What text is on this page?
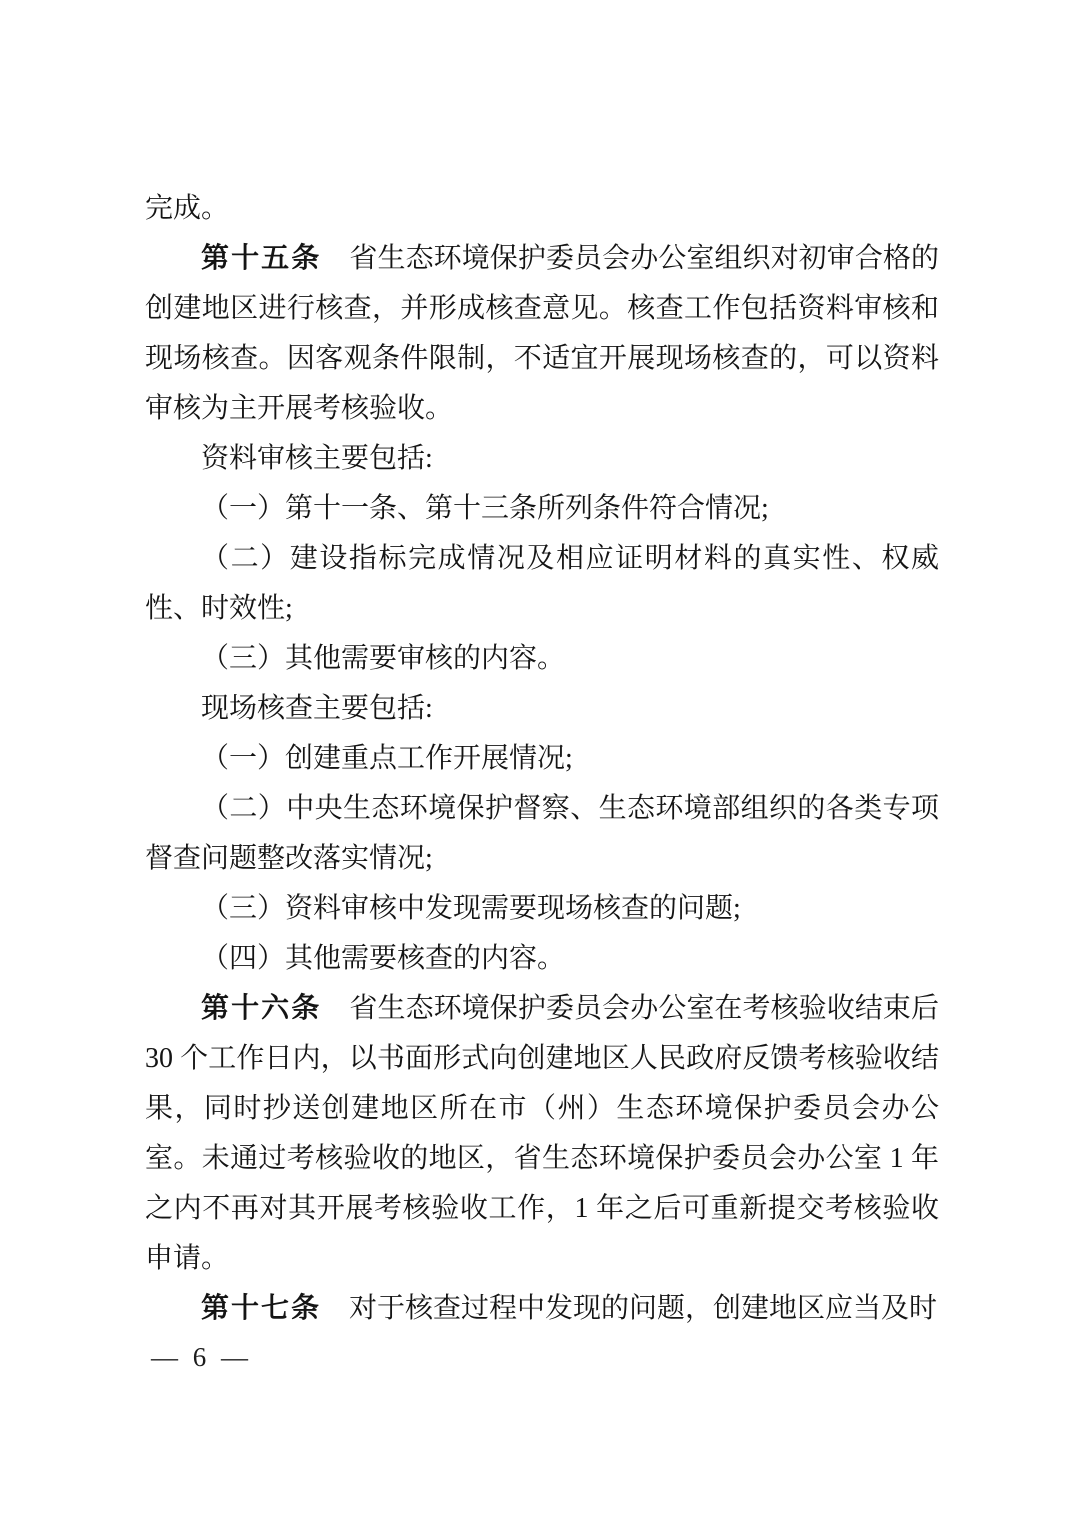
完成。

第十五条　省生态环境保护委员会办公室组织对初审合格的创建地区进行核查，并形成核查意见。核查工作包括资料审核和现场核查。因客观条件限制，不适宜开展现场核查的，可以资料审核为主开展考核验收。

资料审核主要包括:

（一）第十一条、第十三条所列条件符合情况;

（二）建设指标完成情况及相应证明材料的真实性、权威性、时效性;

（三）其他需要审核的内容。

现场核查主要包括:

（一）创建重点工作开展情况;

（二）中央生态环境保护督察、生态环境部组织的各类专项督查问题整改落实情况;

（三）资料审核中发现需要现场核查的问题;

（四）其他需要核查的内容。

第十六条　省生态环境保护委员会办公室在考核验收结束后 30 个工作日内，以书面形式向创建地区人民政府反馈考核验收结果，同时抄送创建地区所在市（州）生态环境保护委员会办公室。未通过考核验收的地区，省生态环境保护委员会办公室 1 年之内不再对其开展考核验收工作，1 年之后可重新提交考核验收申请。

第十七条　对于核查过程中发现的问题，创建地区应当及时

— 6 —
